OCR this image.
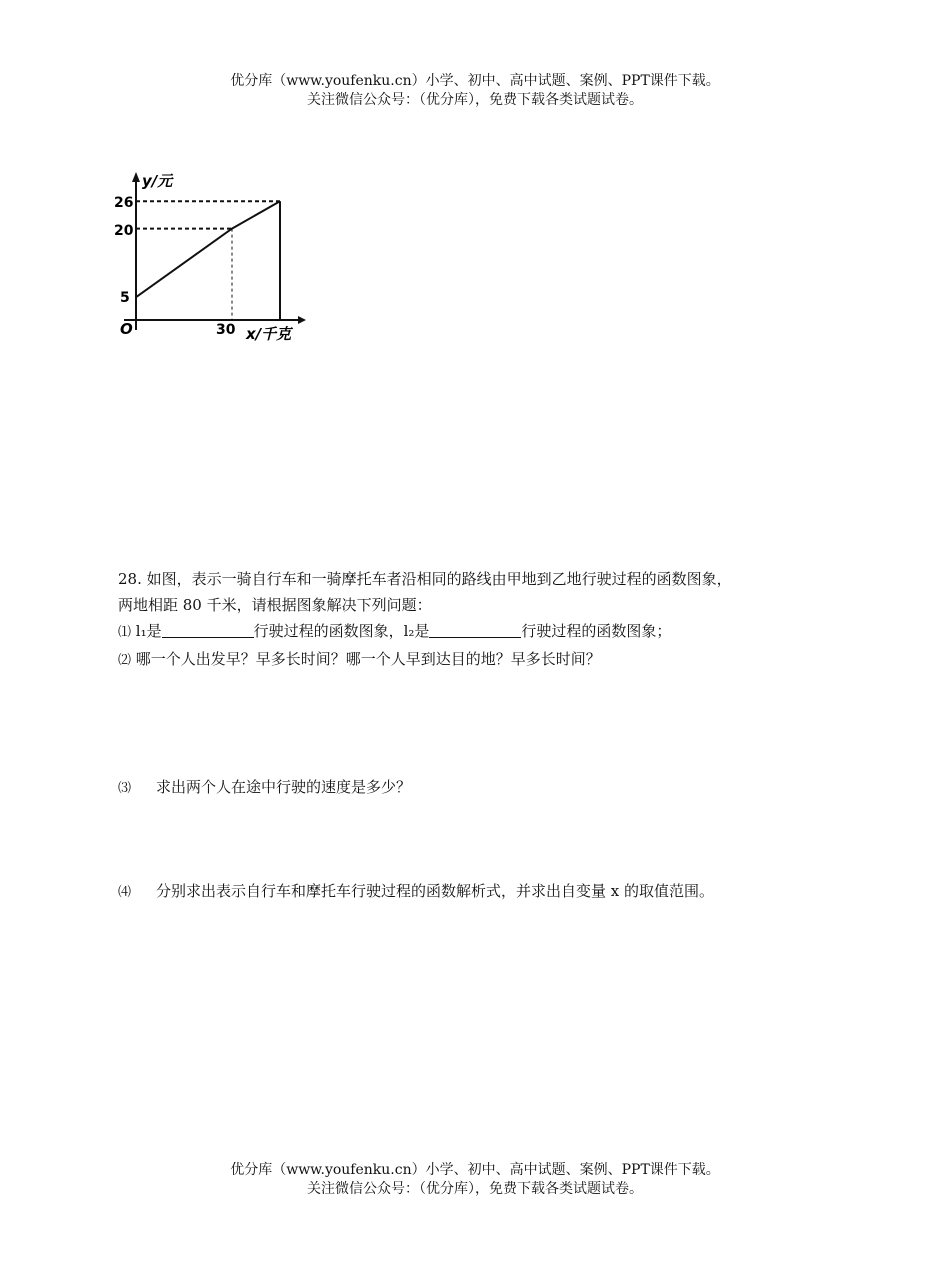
优分库（www.youfenku.cn）小学、初中、高中试题、案例、PPT课件下载。
关注微信公众号：（优分库），免费下载各类试题试卷。
y/元
x/千克
O
26
20
5
30

28. 如图，表示一骑自行车和一骑摩托车者沿相同的路线由甲地到乙地行驶过程的函数图象，

两地相距 80 千米，请根据图象解决下列问题：

⑴ l₁是	行驶过程的函数图象，l₂是	行驶过程的函数图象；

⑵ 哪一个人出发早？早多长时间？哪一个人早到达目的地？早多长时间？

⑶ 求出两个人在途中行驶的速度是多少？
⑷ 分别求出表示自行车和摩托车行驶过程的函数解析式，并求出自变量 x 的取值范围。
优分库（www.youfenku.cn）小学、初中、高中试题、案例、PPT课件下载。
关注微信公众号：（优分库），免费下载各类试题试卷。
